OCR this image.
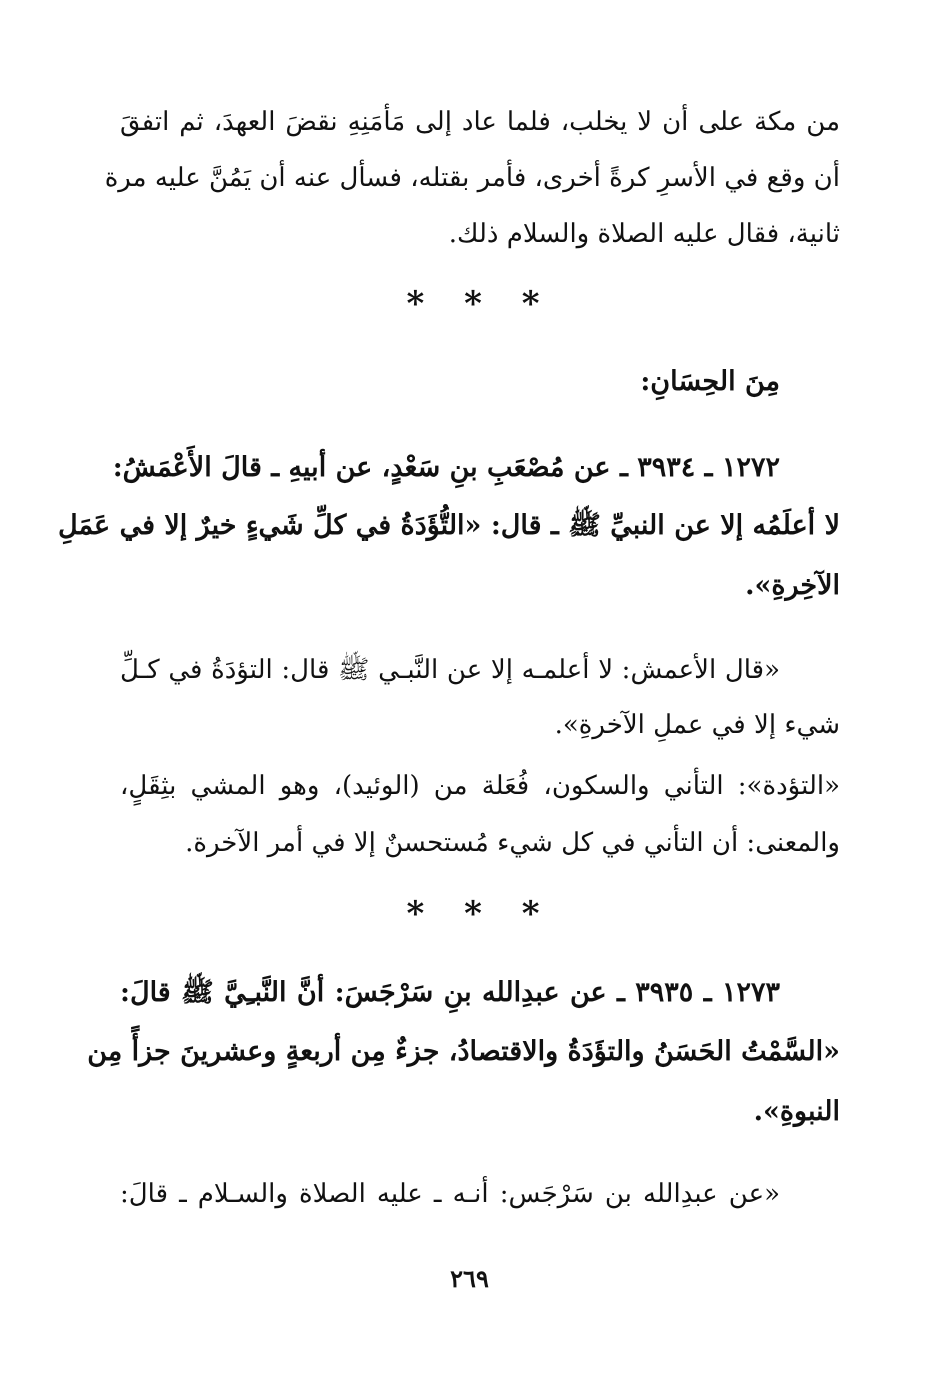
من مكة على أن لا يخلب، فلما عاد إلى مَأمَنِهِ نقضَ العهدَ، ثم اتفقَ
أن وقع في الأسرِ كرةً أخرى، فأمر بقتله، فسأل عنه أن يَمُنَّ عليه مرة
ثانية، فقال عليه الصلاة والسلام ذلك.
* * *
مِنَ الحِسَانِ:
١٢٧٢ ـ ٣٩٣٤ ـ عن مُصْعَبِ بنِ سَعْدٍ، عن أبيهِ ـ قالَ الأَعْمَشُ:
لا أعلَمُه إلا عن النبيِّ ﷺ ـ قال: «التُّؤَدَةُ في كلِّ شَيءٍ خيرٌ إلا في عَمَلِ
الآخِرةِ».
«قال الأعمش: لا أعلمـه إلا عن النَّبـي ﷺ قال: التؤدَةُ في كـلِّ
شيء إلا في عملِ الآخرةِ».
«التؤدة»: التأني والسكون، فُعَلة من (الوئيد)، وهو المشي بثِقَلٍ،
والمعنى: أن التأني في كل شيء مُستحسنٌ إلا في أمر الآخرة.
* * *
١٢٧٣ ـ ٣٩٣٥ ـ عن عبدِالله بنِ سَرْجَسَ: أنَّ النَّبـِيَّ ﷺ قالَ:
«السَّمْتُ الحَسَنُ والتؤَدَةُ والاقتصادُ، جزءٌ مِن أربعةٍ وعشرينَ جزأً مِن
النبوةِ».
«عن عبدِالله بن سَرْجَس: أنـه ـ عليه الصلاة والسـلام ـ قالَ:
٢٦٩
